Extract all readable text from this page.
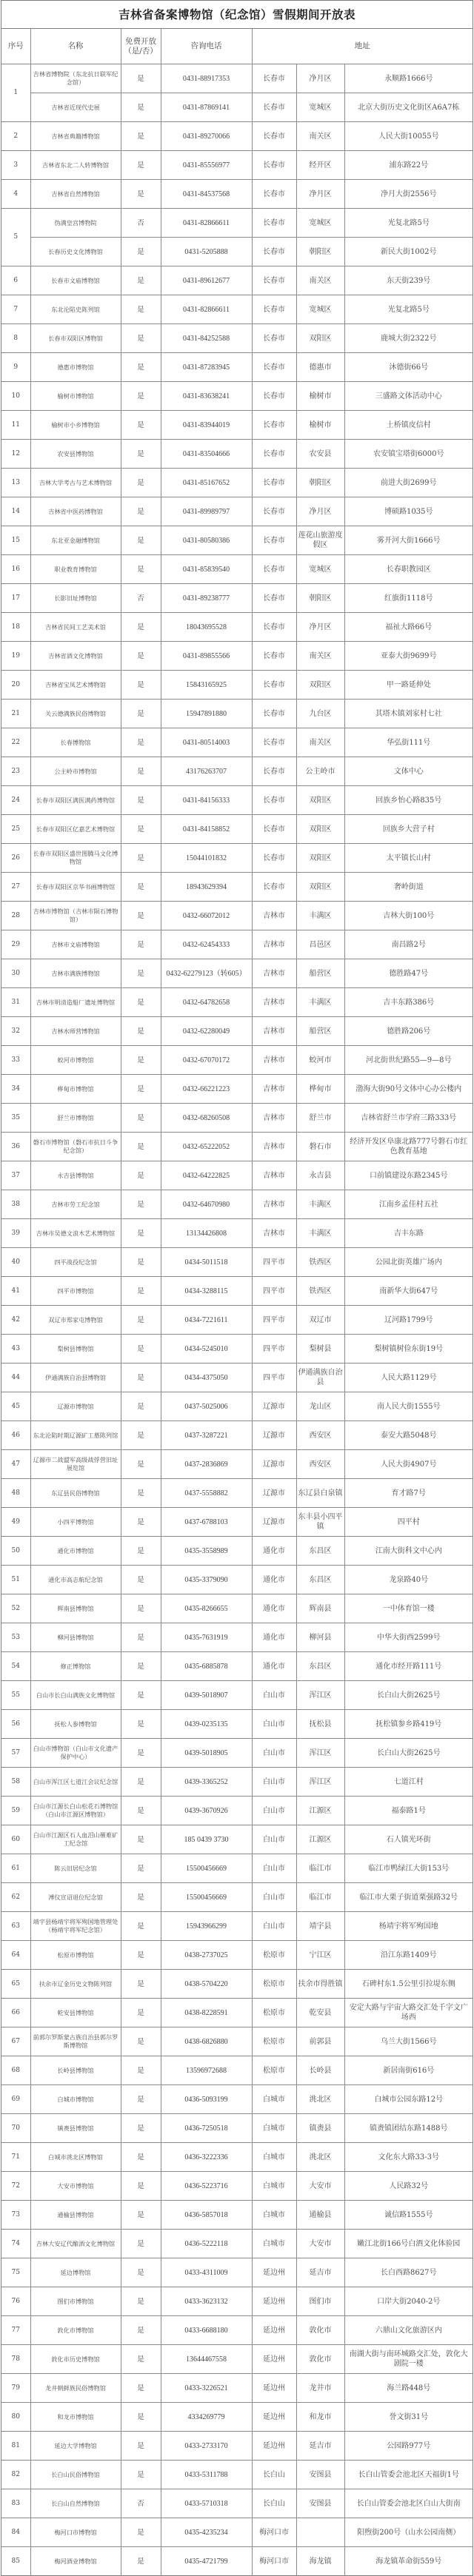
吉林省备案博物馆（纪念馆）雪假期间开放表
序号	名称	免费开放（是/否）	咨询电话	地址		
1	吉林省博物院（东北抗日联军纪念馆）	是	0431-88917353	长春市	净月区	永顺路1666号
	吉林省近现代史展	是	0431-87869141	长春市	宽城区	北京大街历史文化街区A6A7栋
2	吉林省典籍博物馆	是	0431-89270066	长春市	南关区	人民大街10055号
3	吉林省东北二人转博物馆	是	0431-85556977	长春市	经开区	浦东路22号
4	吉林省自然博物馆	是	0431-84537568	长春市	净月区	净月大街2556号
5	伪满皇宫博物院	否	0431-82866611	长春市	宽城区	光复北路5号
	长春历史文化博物馆	是	0431-5205888	长春市	朝阳区	新民大街1002号
6	长春市文庙博物馆	是	0431-89612677	长春市	南关区	东天街239号
7	东北沦陷史陈列馆	是	0431-82866611	长春市	宽城区	光复北路5号
8	长春市双阳区博物馆	是	0431-84252588	长春市	双阳区	鹿城大街2322号
9	德惠市博物馆	是	0431-87283945	长春市	德惠市	沐德街66号
10	榆树市博物馆	是	0431-83638241	长春市	榆树市	三盛路文体活动中心
11	榆树市小乡博物馆	是	0431-83944019	长春市	榆树市	土桥镇皮信村
12	农安县博物馆	是	0431-83504666	长春市	农安县	农安镇宝塔街6000号
13	吉林大学考古与艺术博物馆	是	0431-85167652	长春市	朝阳区	前进大街2699号
14	吉林省中医药博物馆	是	0431-89989797	长春市	净月区	博硕路1035号
15	东北亚金融博物馆	是	0431-80580386	长春市	莲花山旅游度假区	雾开河大街1666号
16	职业教育博物馆	是	0431-85839540	长春市	宽城区	长春职教园区
17	长影旧址博物馆	否	0431-89238777	长春市	朝阳区	红旗街1118号
18	吉林省民间工艺美术馆	是	18043695528	长春市	净月区	福祉大路66号
19	吉林省酒文化博物馆	是	0431-89855566	长春市	南关区	亚泰大街9699号
20	吉林省宝凤艺术博物馆	是	15843165925	长春市	双阳区	甲一路延伸处
21	关云德满族民俗博物馆	是	15947891880	长春市	九台区	其塔木镇刘家村七社
22	长春博物馆	是	0431-80514003	长春市	南关区	华弘街111号
23	公主岭市博物馆	是	43176263707	长春市	公主岭市	文体中心
24	长春市双阳区满医满药博物馆	是	0431-84156333	长春市	双阳区	回族乡怡心路835号
25	长春市双阳区亿嘉艺术博物馆	是	0431-84158852	长春市	双阳区	回族乡大营子村
26	长春市双阳区盛世图腾马文化博物馆	是	15044101832	长春市	双阳区	太平镇长山村
27	长春市双阳区京华书画博物馆	是	18943629394	长春市	双阳区	奢岭街道
28	吉林市博物馆（吉林市陨石博物馆）	是	0432-66072012	吉林市	丰满区	吉林大街100号
29	吉林市文庙博物馆	是	0432-62454333	吉林市	昌邑区	南昌路2号
30	吉林市满族博物馆	是	0432-62279123（转605）	吉林市	船营区	德胜路47号
31	吉林市明清造船厂遗址博物馆	是	0432-64782658	吉林市	丰满区	吉丰东路386号
32	吉林水师营博物馆	是	0432-62280049	吉林市	船营区	德胜路206号
33	蛟河市博物馆	是	0432-67070172	吉林市	蛟河市	河北街世纪路55—9—8号
34	桦甸市博物馆	是	0432-66221223	吉林市	桦甸市	渤海大街90号文体中心办公楼内
35	舒兰市博物馆	是	0432-68260508	吉林市	舒兰市	吉林省舒兰市学府三路333号
36	磐石市博物馆（磐石市抗日斗争纪念馆）	是	0432-65222052	吉林市	磐石市	经济开发区阜康北路777号磐石市红色教育基地
37	永吉县博物馆	是	0432-64222825	吉林市	永吉县	口前镇建设东路2345号
38	吉林市劳工纪念馆	是	0432-64670980	吉林市	丰满区	江南乡孟佳村五社
39	吉林市吴德文浪木艺术博物馆	是	13134426808	吉林市	丰满区	吉丰东路
40	四平战役纪念馆	是	0434-5011518	四平市	铁西区	公园北街英雄广场内
41	四平市博物馆	是	0434-3288115	四平市	铁西区	南新华大街647号
42	双辽市郑家屯博物馆	是	0434-7221611	四平市	双辽市	辽河路1799号
43	梨树县博物馆	是	0434-5245010	四平市	梨树县	梨树镇树俭东街19号
44	伊通满族自治县博物馆	是	0434-4375050	四平市	伊通满族自治县	人民大路1129号
45	辽源市博物馆	是	0437-5025006	辽源市	龙山区	南人民大街1555号
46	东北沦陷时期辽源矿工墓陈列馆	是	0437-3287221	辽源市	西安区	泰安大路5048号
47	辽源市二战盟军高级战俘营旧址展览馆	是	0437-2836869	辽源市	西安区	人民大街4907号
48	东辽县民俗博物馆	是	0437-5558882	辽源市	东辽县白泉镇	育才路7号
49	小四平博物馆	是	0437-6788103	辽源市	东丰县小四平镇	四平村
50	通化市博物馆	是	0435-3558989	通化市	东昌区	江南大街科文中心内
51	通化市高志航纪念馆	是	0435-3379090	通化市	东昌区	龙泉路40号
52	辉南县博物馆	是	0435-8266655	通化市	辉南县	一中体育馆一楼
53	柳河县博物馆	是	0435-7631919	通化市	柳河县	中华大街西2599号
54	修正博物馆	是	0435-6885878	通化市	东昌区	通化市经开路111号
55	白山市长白山满族文化博物馆	是	0439-5018907	白山市	浑江区	长白山大街2625号
56	抚松人参博物馆	是	0439-0235135	白山市	抚松县	抚松镇参乡路419号
57	白山市博物馆（白山市文化遗产保护中心）	是	0439-5018905	白山市	浑江区	长白山大街2625号
58	白山市浑江区七道江会议纪念馆	是	0439-3365252	白山市	浑江区	七道江村
59	白山市江源长白山松花石博物馆（白山市江源区博物馆）	是	0439-3670926	白山市	江源区	福泰路1号
60	白山市江源区石人血泪山罹难矿工纪念馆	是	185 0439 3730	白山市	江源区	石人镇光环街
61	陈云旧居纪念馆	是	15500456669	白山市	临江市	临江市鸭绿江大街153号
62	溥仪宣诏退位纪念馆	是	15500456669	白山市	临江市	临江市大栗子街道栗强路32号
63	靖宇县杨靖宇将军殉国地管理处（杨靖宇将军纪念馆）	是	15943966299	白山市	靖宇县	杨靖宇将军殉国地
64	松原市博物馆	是	0438-2737025	松原市	宁江区	沿江东路1409号
65	扶余市辽金历史文物陈列馆	是	0438-5704220	松原市	扶余市得胜镇	石碑村东1.5公里引拉堤东侧
66	乾安县博物馆	是	0438-8228591	松原市	乾安县	安定大路与宇宙大路交汇处千字文广场西
67	前郭尔罗斯蒙古族自治县郭尔罗斯博物馆	是	0438-6826880	松原市	前郭县	乌兰大街1566号
68	长岭县博物馆	是	13596972688	松原市	长岭县	新居南街616号
69	白城市博物馆	是	0436-5093199	白城市	洮北区	白城市公园东路12号
70	镇赉县博物馆	是	0436-7250518	白城市	镇赉县	镇赉镇团结东路1488号
71	白城市洮北区博物馆	是	0436-3222336	白城市	洮北区	文化东大路33-3号
72	大安市博物馆	是	0436-5223716	白城市	大安市	人民路32号
73	通榆县博物馆	是	0436-5857018	白城市	通榆县	诚信路1555号
74	吉林大安辽代酿酒文化博物馆	是	0436-5222118	白城市	大安市	嫩江北街166号白酒文化体验园
75	延边博物馆	是	0433-4311009	延边州	延吉市	长白西路8627号
76	图们市博物馆	是	0433-3623132	延边州	图们市	口岸大街2040-2号
77	敦化市博物馆	是	0433-6688180	延边州	敦化市	六鼎山文化旅游区内
78	敦化市历史博物馆	是	13644467558	延边州	敦化市	南湖大街与南环城路交汇处，敦化大剧院一楼
79	龙井朝鲜族民俗博物馆	是	0433-3226521	延边州	龙井市	海兰路448号
80	和龙市博物馆	是	4334269779	延边州	和龙市	誉文街31号
81	延边大学博物馆	是	0433-2733170	延边州	延吉市	公园路977号
82	长白山民俗博物馆	是	0433-5311788	长白山	安图县	长白山管委会池北区天福街1号
83	长白山自然博物馆	否	0433-5710318	长白山	安图县	长白山管委会池北区白山大街南
84	梅河口市博物馆	是	0435-4235234	梅河口市		阳煦街200号（山水公园南侧）
85	梅河酒业博物馆	是	0435-4721799	梅河口市	海龙镇	海龙镇革命街559号
